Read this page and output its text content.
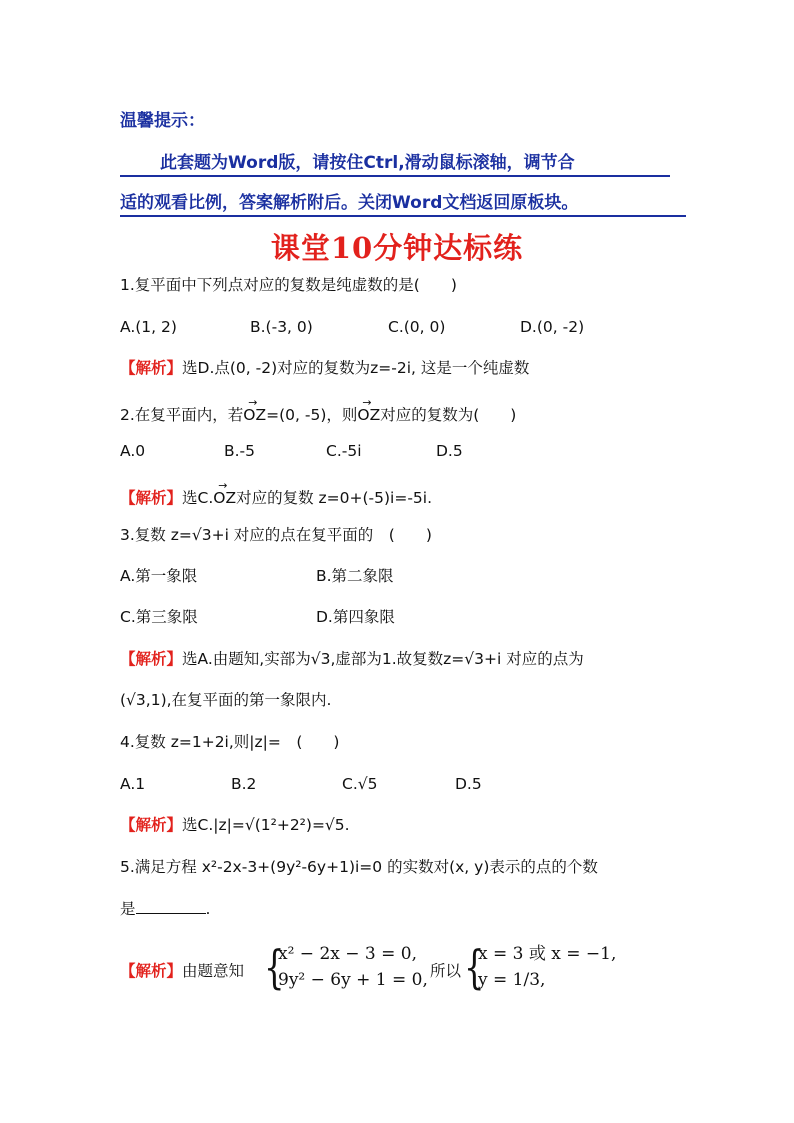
温馨提示：
此套题为Word版，请按住Ctrl,滑动鼠标滚轴，调节合
适的观看比例，答案解析附后。关闭Word文档返回原板块。
课堂10分钟达标练
1.复平面中下列点对应的复数是纯虚数的是(　　)
A.(1, 2)	B.(-3, 0)	C.(0, 0)	D.(0, -2)
【解析】选D.点(0, -2)对应的复数为z=-2i, 这是一个纯虚数
2.在复平面内，若→ OZ=(0, -5)，则→ OZ对应的复数为(　　)
A.0	B.-5	C.-5i	D.5
【解析】选C.→ OZ对应的复数 z=0+(-5)i=-5i.
3.复数 z=√3+i 对应的点在复平面的　(　　)
A.第一象限	B.第二象限
C.第三象限	D.第四象限
【解析】选A.由题知,实部为√3,虚部为1.故复数z=√3+i 对应的点为
(√3,1),在复平面的第一象限内.
4.复数 z=1+2i,则|z|=　(　　)
A.1	B.2	C.√5	D.5
【解析】选C.|z|=√(1²+2²)=√5.
5.满足方程 x²-2x-3+(9y²-6y+1)i=0 的实数对(x, y)表示的点的个数
是	.
【解析】由题意知 {
x² − 2x − 3 = 0,
9y² − 6y + 1 = 0, 所以 {
x = 3 或 x = −1,
y = 1/3,
